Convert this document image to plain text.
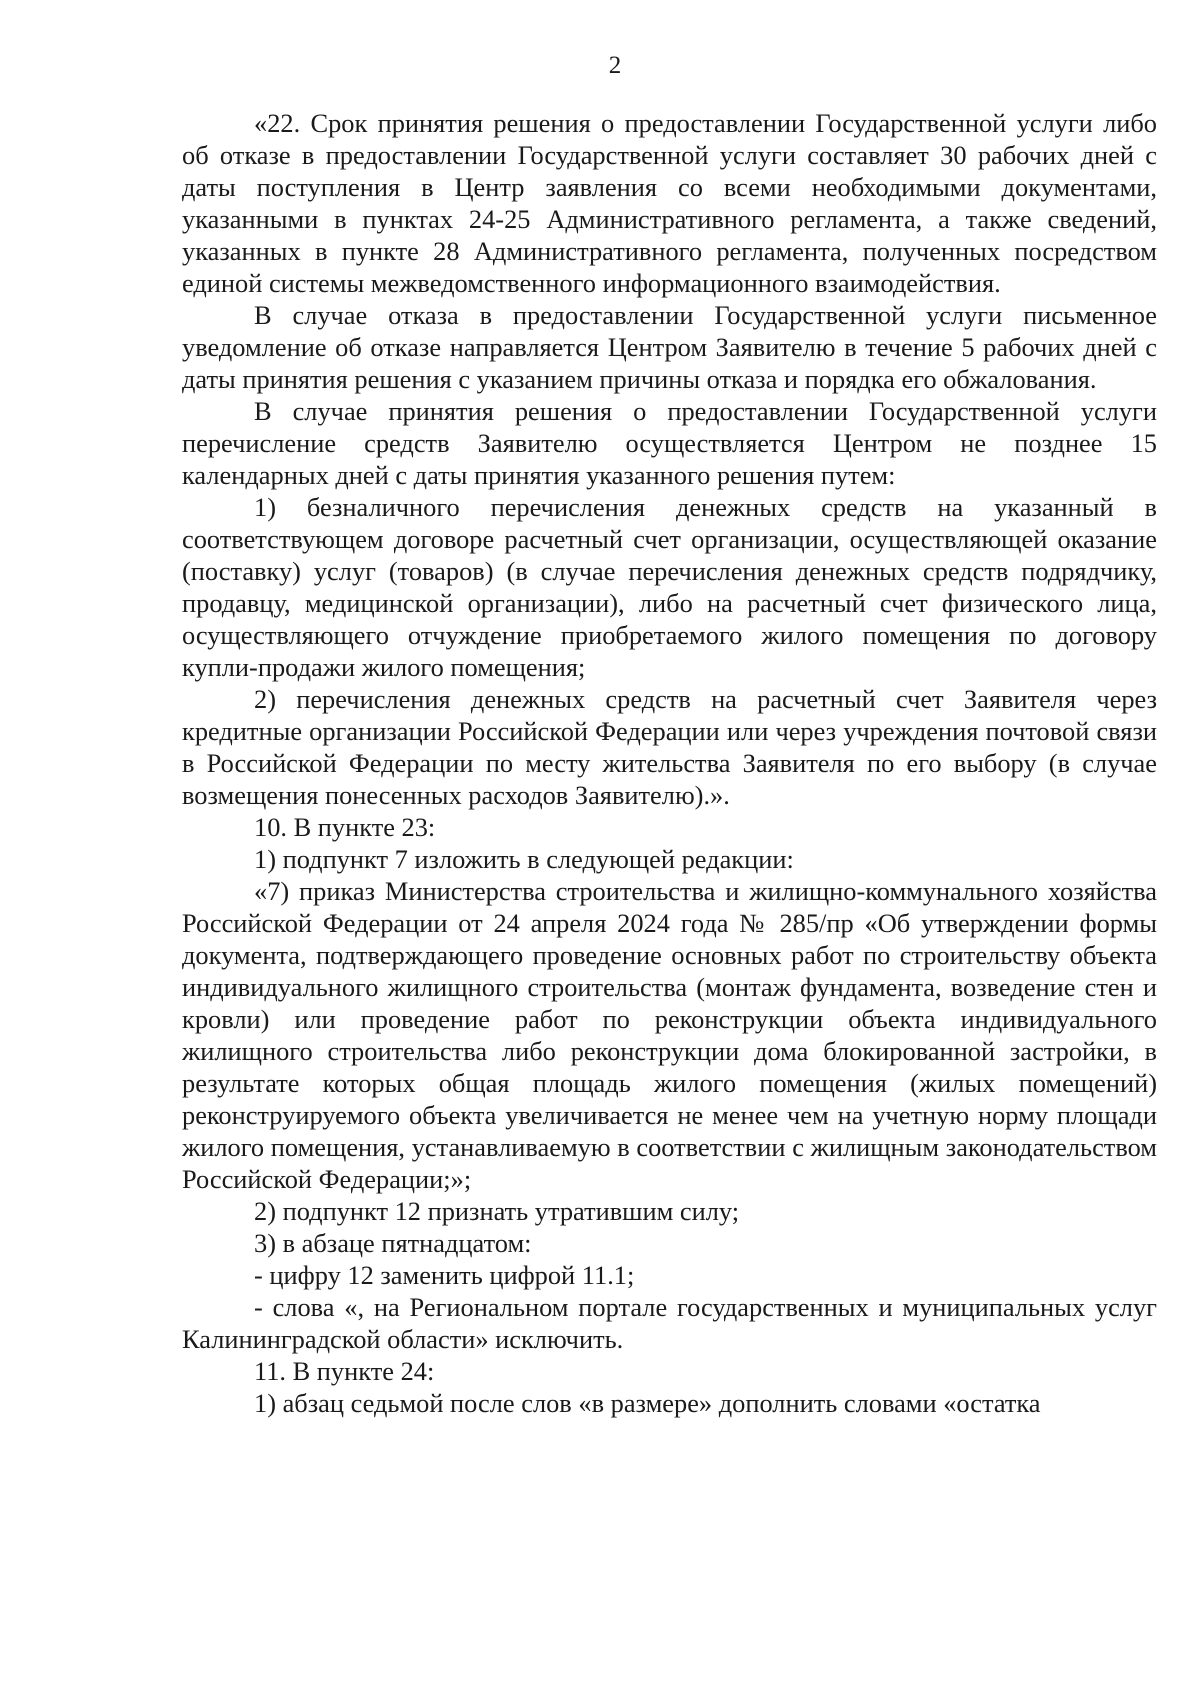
2

«22. Срок принятия решения о предоставлении Государственной услуги либо об отказе в предоставлении Государственной услуги составляет 30 рабочих дней с даты поступления в Центр заявления со всеми необходимыми документами, указанными в пунктах 24-25 Административного регламента, а также сведений, указанных в пункте 28 Административного регламента, полученных посредством единой системы межведомственного информационного взаимодействия.

В случае отказа в предоставлении Государственной услуги письменное уведомление об отказе направляется Центром Заявителю в течение 5 рабочих дней с даты принятия решения с указанием причины отказа и порядка его обжалования.

В случае принятия решения о предоставлении Государственной услуги перечисление средств Заявителю осуществляется Центром не позднее 15 календарных дней с даты принятия указанного решения путем:

1) безналичного перечисления денежных средств на указанный в соответствующем договоре расчетный счет организации, осуществляющей оказание (поставку) услуг (товаров) (в случае перечисления денежных средств подрядчику, продавцу, медицинской организации), либо на расчетный счет физического лица, осуществляющего отчуждение приобретаемого жилого помещения по договору купли-продажи жилого помещения;

2) перечисления денежных средств на расчетный счет Заявителя через кредитные организации Российской Федерации или через учреждения почтовой связи в Российской Федерации по месту жительства Заявителя по его выбору (в случае возмещения понесенных расходов Заявителю).».

10. В пункте 23:

1) подпункт 7 изложить в следующей редакции:

«7) приказ Министерства строительства и жилищно-коммунального хозяйства Российской Федерации от 24 апреля 2024 года № 285/пр «Об утверждении формы документа, подтверждающего проведение основных работ по строительству объекта индивидуального жилищного строительства (монтаж фундамента, возведение стен и кровли) или проведение работ по реконструкции объекта индивидуального жилищного строительства либо реконструкции дома блокированной застройки, в результате которых общая площадь жилого помещения (жилых помещений) реконструируемого объекта увеличивается не менее чем на учетную норму площади жилого помещения, устанавливаемую в соответствии с жилищным законодательством Российской Федерации;»;

2) подпункт 12 признать утратившим силу;

3) в абзаце пятнадцатом:

- цифру 12 заменить цифрой 11.1;

- слова «, на Региональном портале государственных и муниципальных услуг Калининградской области» исключить.

11. В пункте 24:

1) абзац седьмой после слов «в размере» дополнить словами «остатка
